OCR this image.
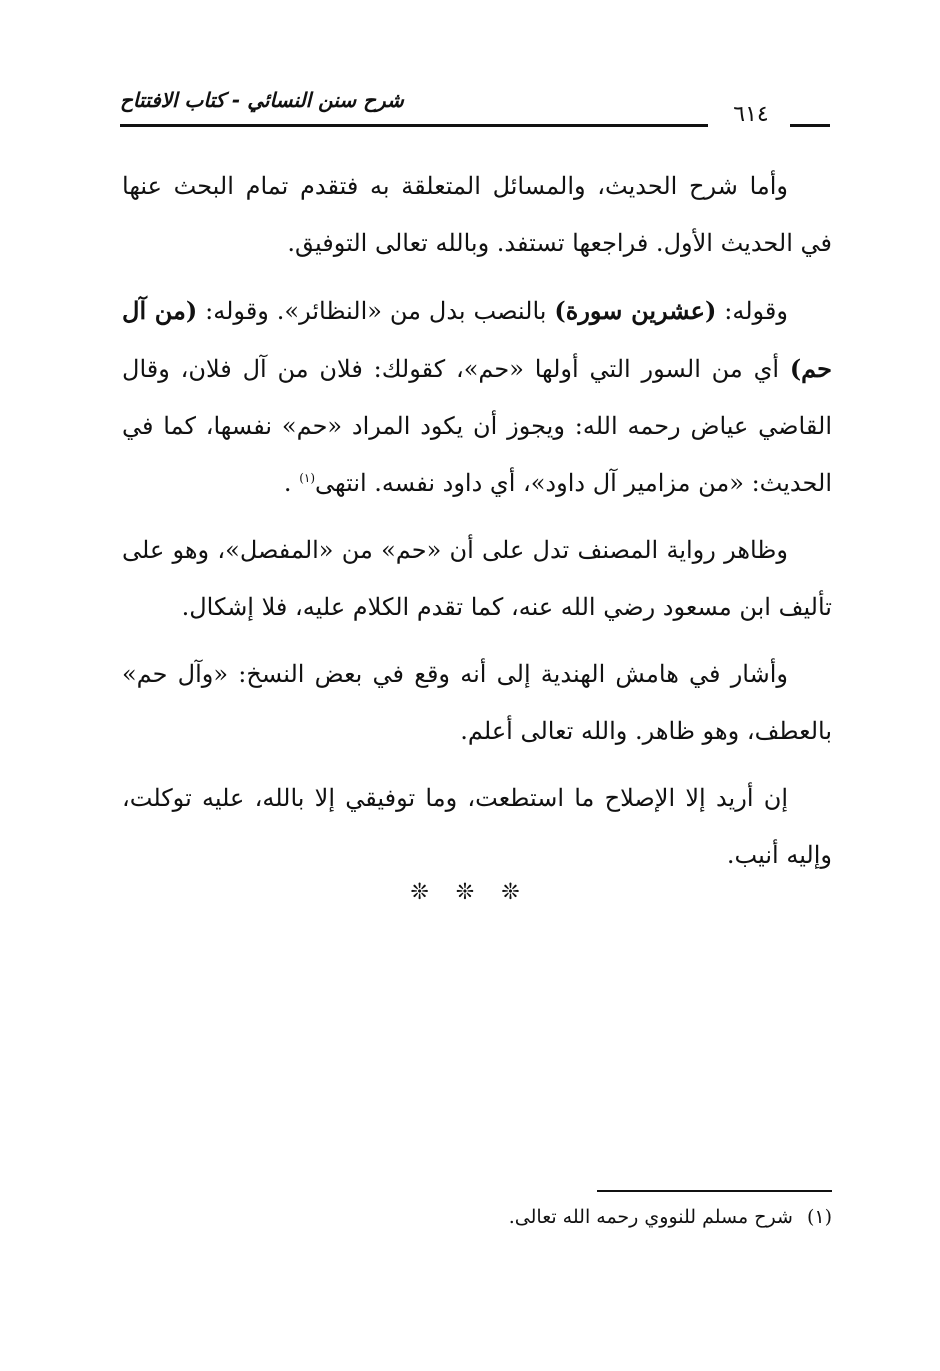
شرح سنن النسائي - كتاب الافتتاح
٦١٤

وأما شرح الحديث، والمسائل المتعلقة به فتقدم تمام البحث عنها في الحديث الأول. فراجعها تستفد. وبالله تعالى التوفيق.

وقوله: (عشرين سورة) بالنصب بدل من «النظائر». وقوله: (من آل حم) أي من السور التي أولها «حم»، كقولك: فلان من آل فلان، وقال القاضي عياض رحمه الله: ويجوز أن يكود المراد «حم» نفسها، كما في الحديث: «من مزامير آل داود»، أي داود نفسه. انتهى$^{(١)}$ .

وظاهر رواية المصنف تدل على أن «حم» من «المفصل»، وهو على تأليف ابن مسعود رضي الله عنه، كما تقدم الكلام عليه، فلا إشكال.

وأشار في هامش الهندية إلى أنه وقع في بعض النسخ: «وآل حم» بالعطف، وهو ظاهر. والله تعالى أعلم.

إن أريد إلا الإصلاح ما استطعت، وما توفيقي إلا بالله، عليه توكلت، وإليه أنيب.

❊ ❊ ❊
(١) شرح مسلم للنووي رحمه الله تعالى.
